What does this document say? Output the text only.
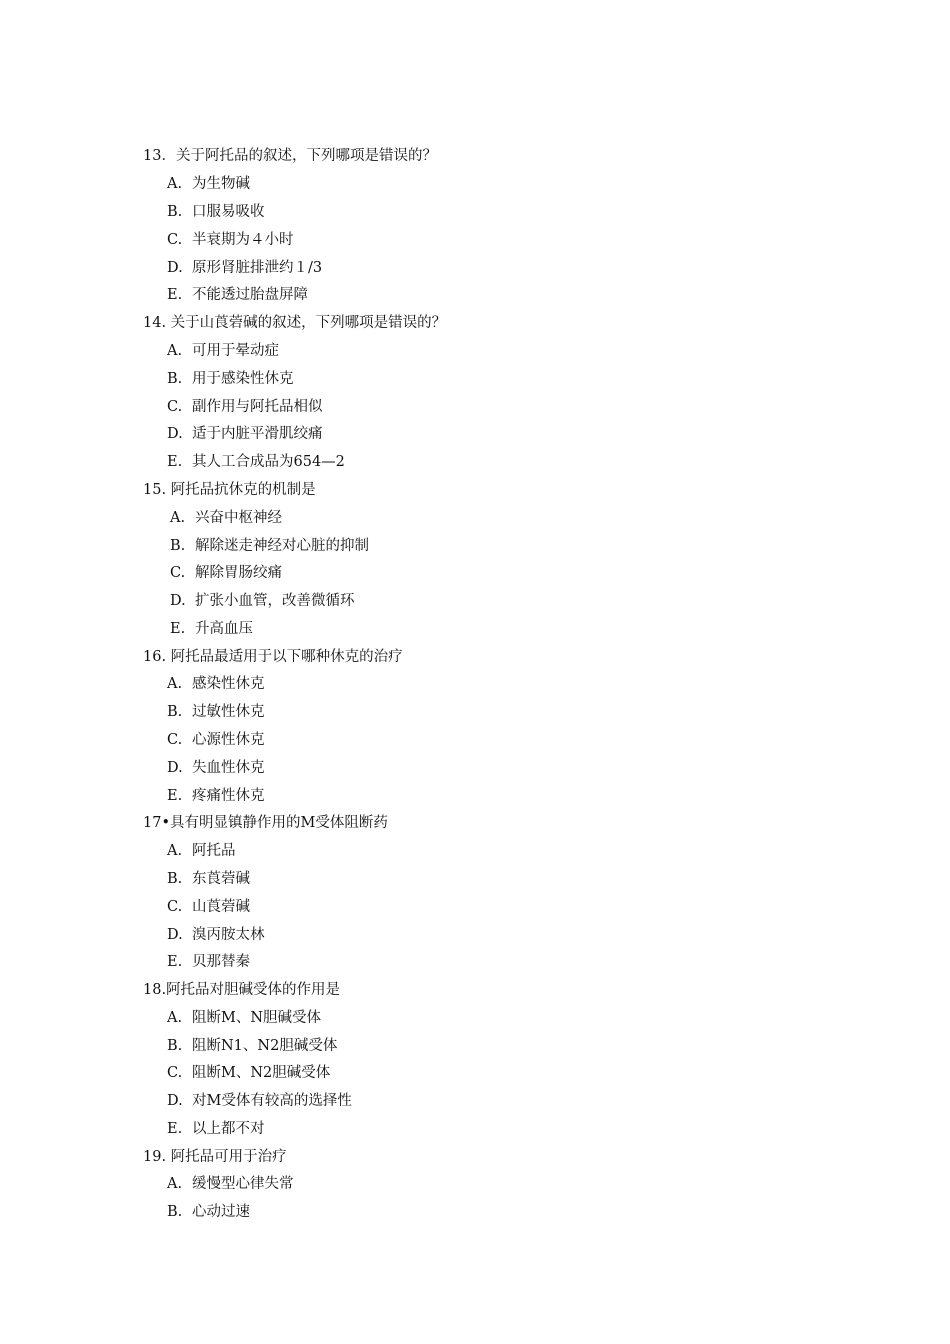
13．关于阿托品的叙述，下列哪项是错误的？
A. 为生物碱
B. 口服易吸收
C. 半衰期为４小时
D. 原形肾脏排泄约１/3
E. 不能透过胎盘屏障
14. 关于山莨菪碱的叙述，下列哪项是错误的？
A. 可用于晕动症
B. 用于感染性休克
C. 副作用与阿托品相似
D. 适于内脏平滑肌绞痛
E. 其人工合成品为654—2
15. 阿托品抗休克的机制是
A. 兴奋中枢神经
B. 解除迷走神经对心脏的抑制
C. 解除胃肠绞痛
D. 扩张小血管，改善微循环
E. 升高血压
16. 阿托品最适用于以下哪种休克的治疗
A. 感染性休克
B. 过敏性休克
C. 心源性休克
D. 失血性休克
E. 疼痛性休克
17•具有明显镇静作用的M受体阻断药
A. 阿托品
B. 东莨菪碱
C. 山莨菪碱
D. 溴丙胺太林
E. 贝那替秦
18.阿托品对胆碱受体的作用是
A. 阻断M、N胆碱受体
B. 阻断N1、N2胆碱受体
C. 阻断M、N2胆碱受体
D. 对M受体有较高的选择性
E. 以上都不对
19. 阿托品可用于治疗
A. 缓慢型心律失常
B. 心动过速
